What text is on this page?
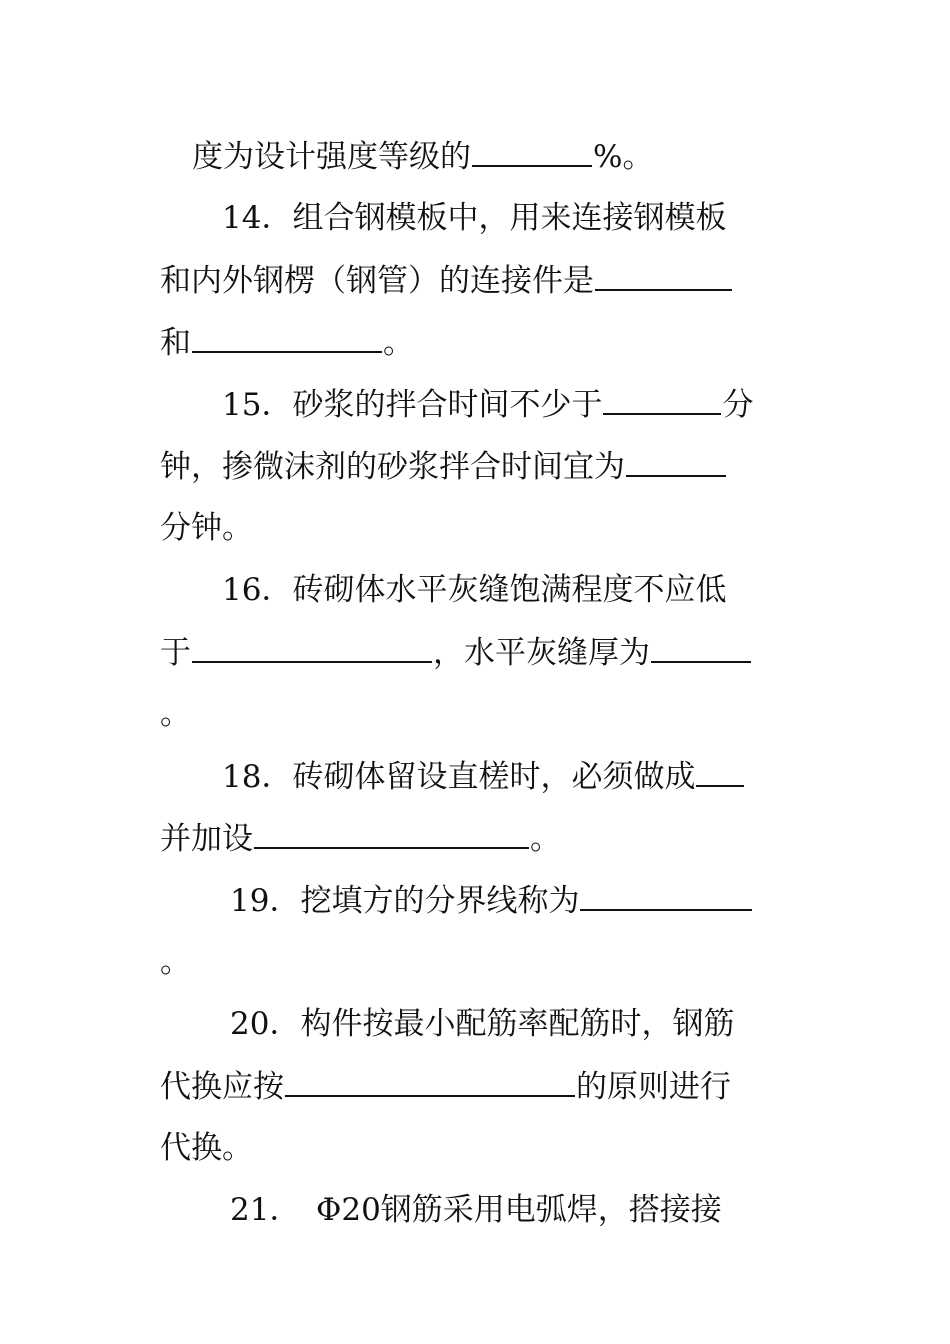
度为设计强度等级的	%。
14．组合钢模板中，用来连接钢模板
和内外钢楞（钢管）的连接件是
和	。
15．砂浆的拌合时间不少于	分
钟，掺微沫剂的砂浆拌合时间宜为
分钟。
16．砖砌体水平灰缝饱满程度不应低
于	，水平灰缝厚为
。
18．砖砌体留设直槎时，必须做成
并加设	。
19．挖填方的分界线称为
。
20．构件按最小配筋率配筋时，钢筋
代换应按	的原则进行
代换。
21．　Φ20钢筋采用电弧焊，搭接接
